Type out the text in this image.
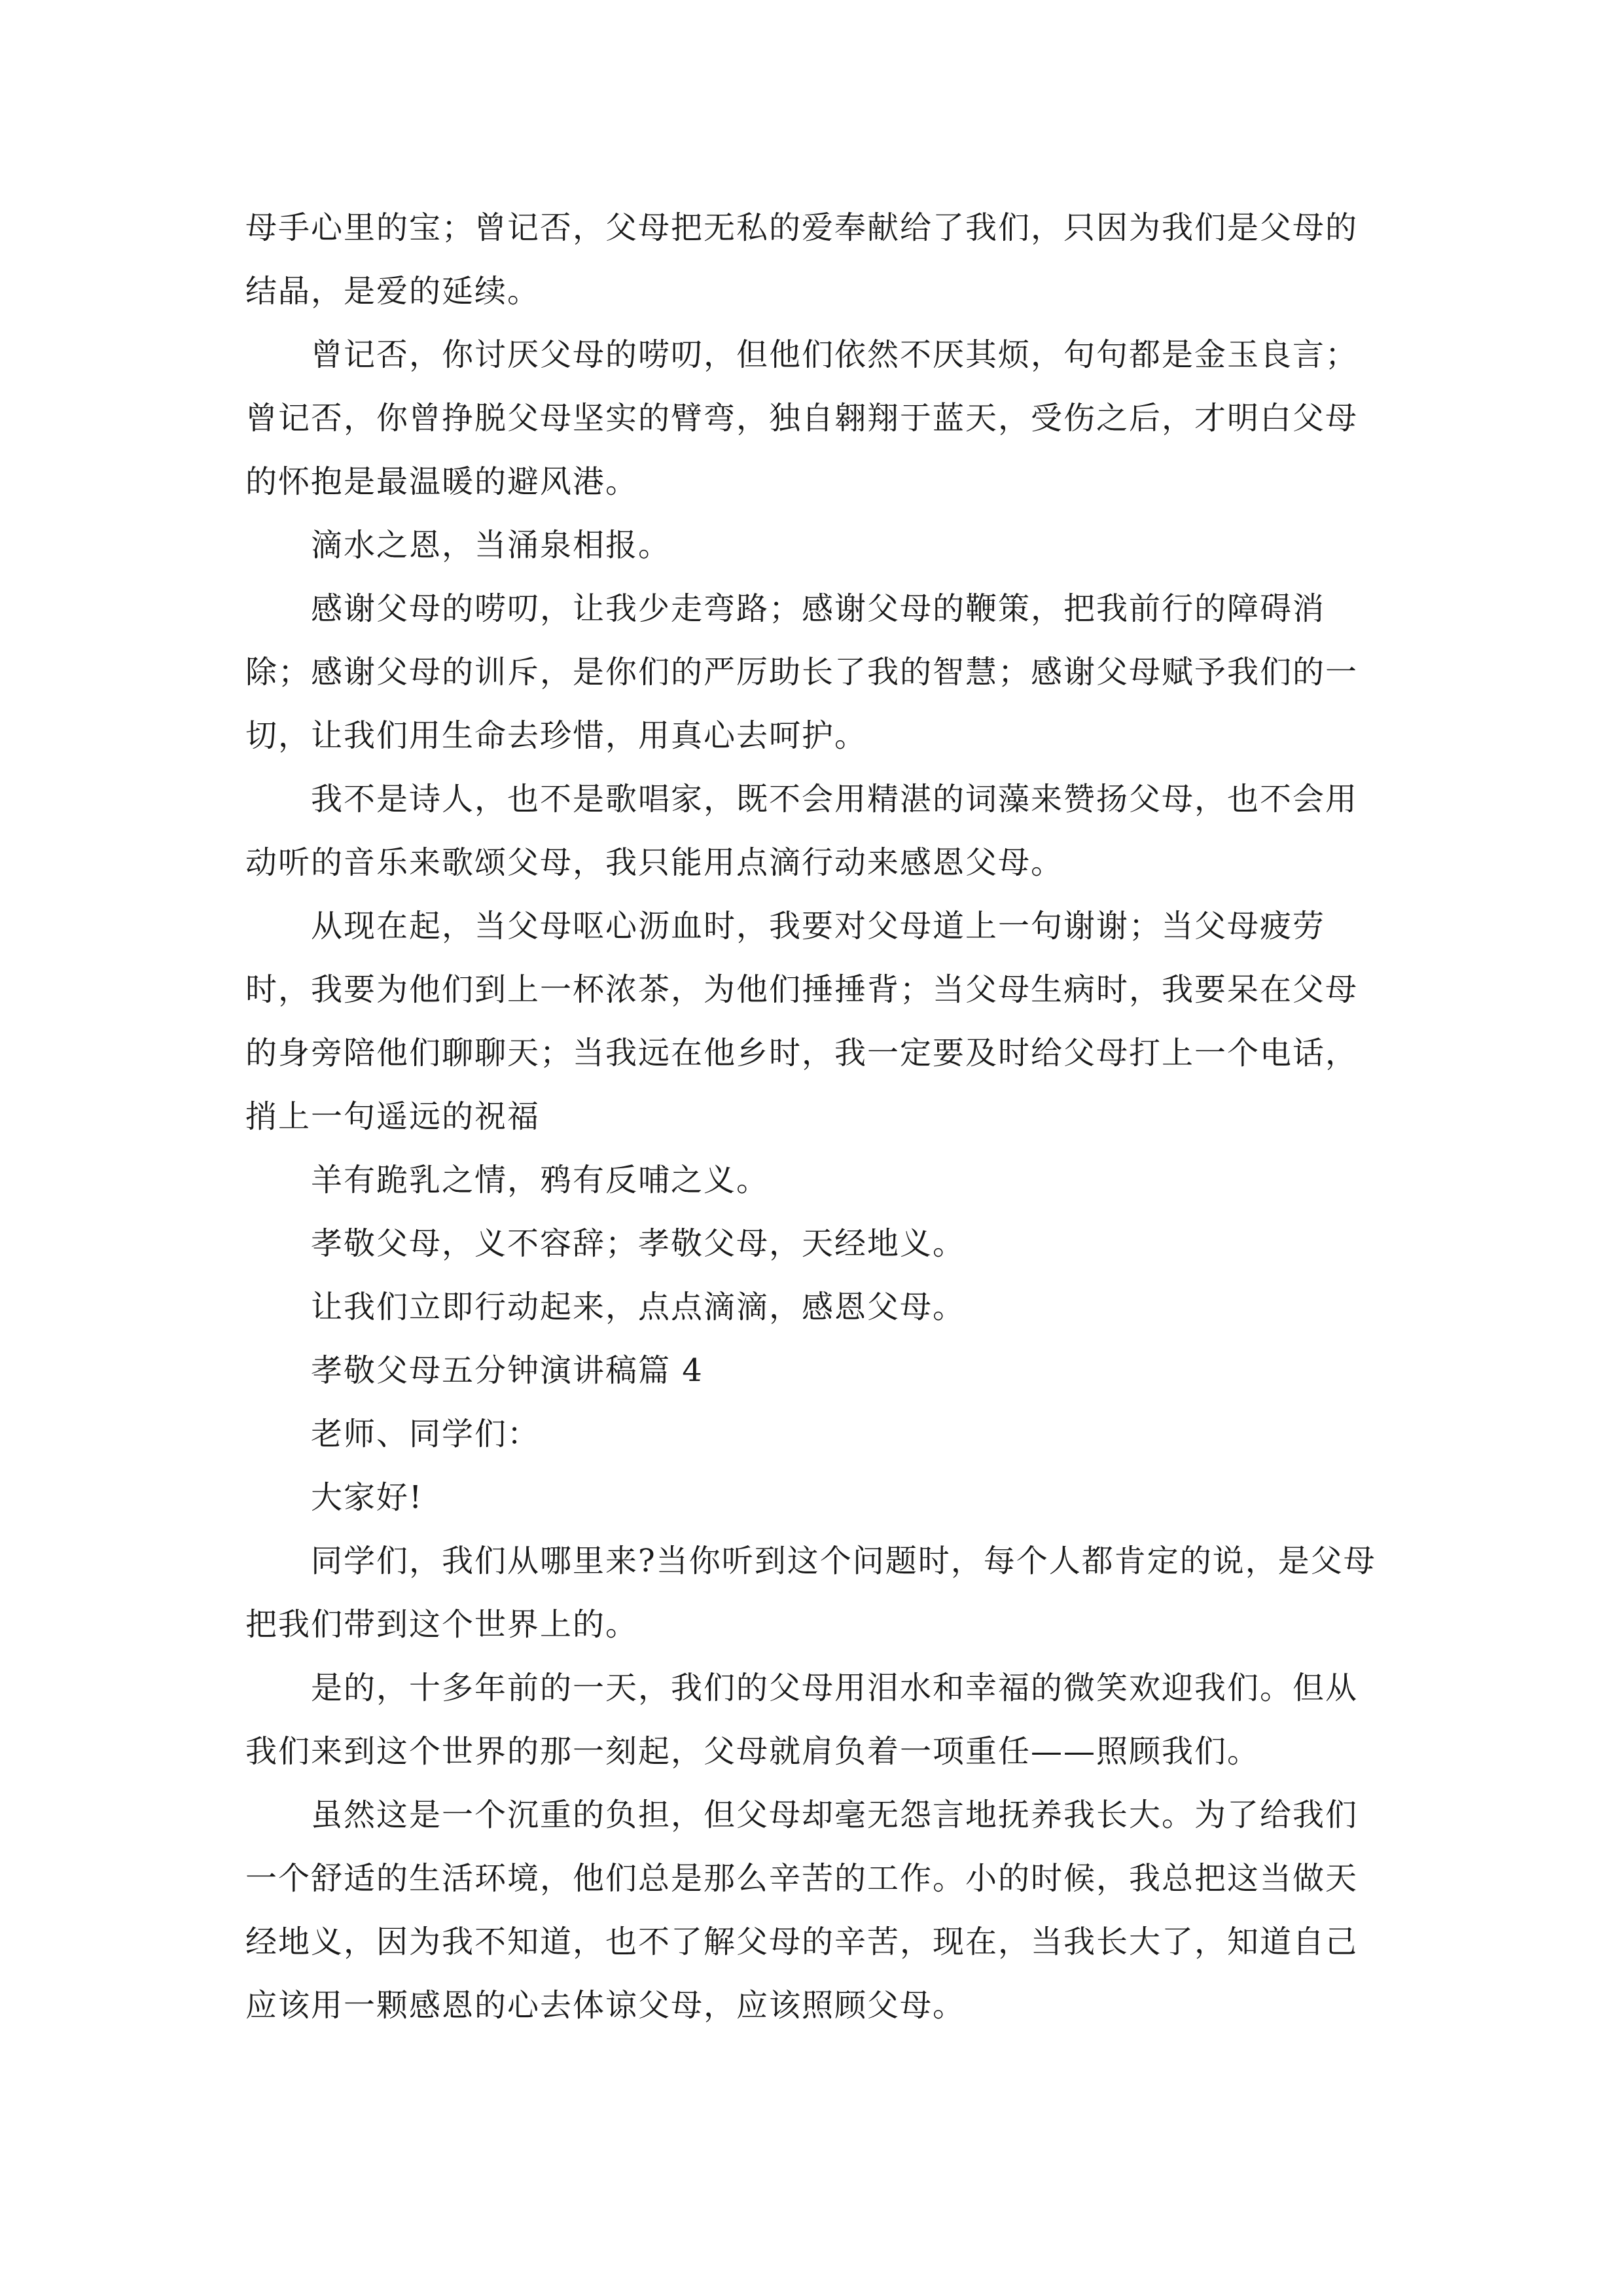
母手心里的宝；曾记否，父母把无私的爱奉献给了我们，只因为我们是父母的结晶，是爱的延续。

曾记否，你讨厌父母的唠叨，但他们依然不厌其烦，句句都是金玉良言；曾记否，你曾挣脱父母坚实的臂弯，独自翱翔于蓝天，受伤之后，才明白父母的怀抱是最温暖的避风港。

滴水之恩，当涌泉相报。

感谢父母的唠叨，让我少走弯路；感谢父母的鞭策，把我前行的障碍消除；感谢父母的训斥，是你们的严厉助长了我的智慧；感谢父母赋予我们的一切，让我们用生命去珍惜，用真心去呵护。

我不是诗人，也不是歌唱家，既不会用精湛的词藻来赞扬父母，也不会用动听的音乐来歌颂父母，我只能用点滴行动来感恩父母。

从现在起，当父母呕心沥血时，我要对父母道上一句谢谢；当父母疲劳时，我要为他们到上一杯浓茶，为他们捶捶背；当父母生病时，我要呆在父母的身旁陪他们聊聊天；当我远在他乡时，我一定要及时给父母打上一个电话，捎上一句遥远的祝福

羊有跪乳之情，鸦有反哺之义。

孝敬父母，义不容辞；孝敬父母，天经地义。

让我们立即行动起来，点点滴滴，感恩父母。

孝敬父母五分钟演讲稿篇 4

老师、同学们：

大家好!

同学们，我们从哪里来?当你听到这个问题时，每个人都肯定的说，是父母把我们带到这个世界上的。

是的，十多年前的一天，我们的父母用泪水和幸福的微笑欢迎我们。但从我们来到这个世界的那一刻起，父母就肩负着一项重任——照顾我们。

虽然这是一个沉重的负担，但父母却毫无怨言地抚养我长大。为了给我们一个舒适的生活环境，他们总是那么辛苦的工作。小的时候，我总把这当做天经地义，因为我不知道，也不了解父母的辛苦，现在，当我长大了，知道自己应该用一颗感恩的心去体谅父母，应该照顾父母。
